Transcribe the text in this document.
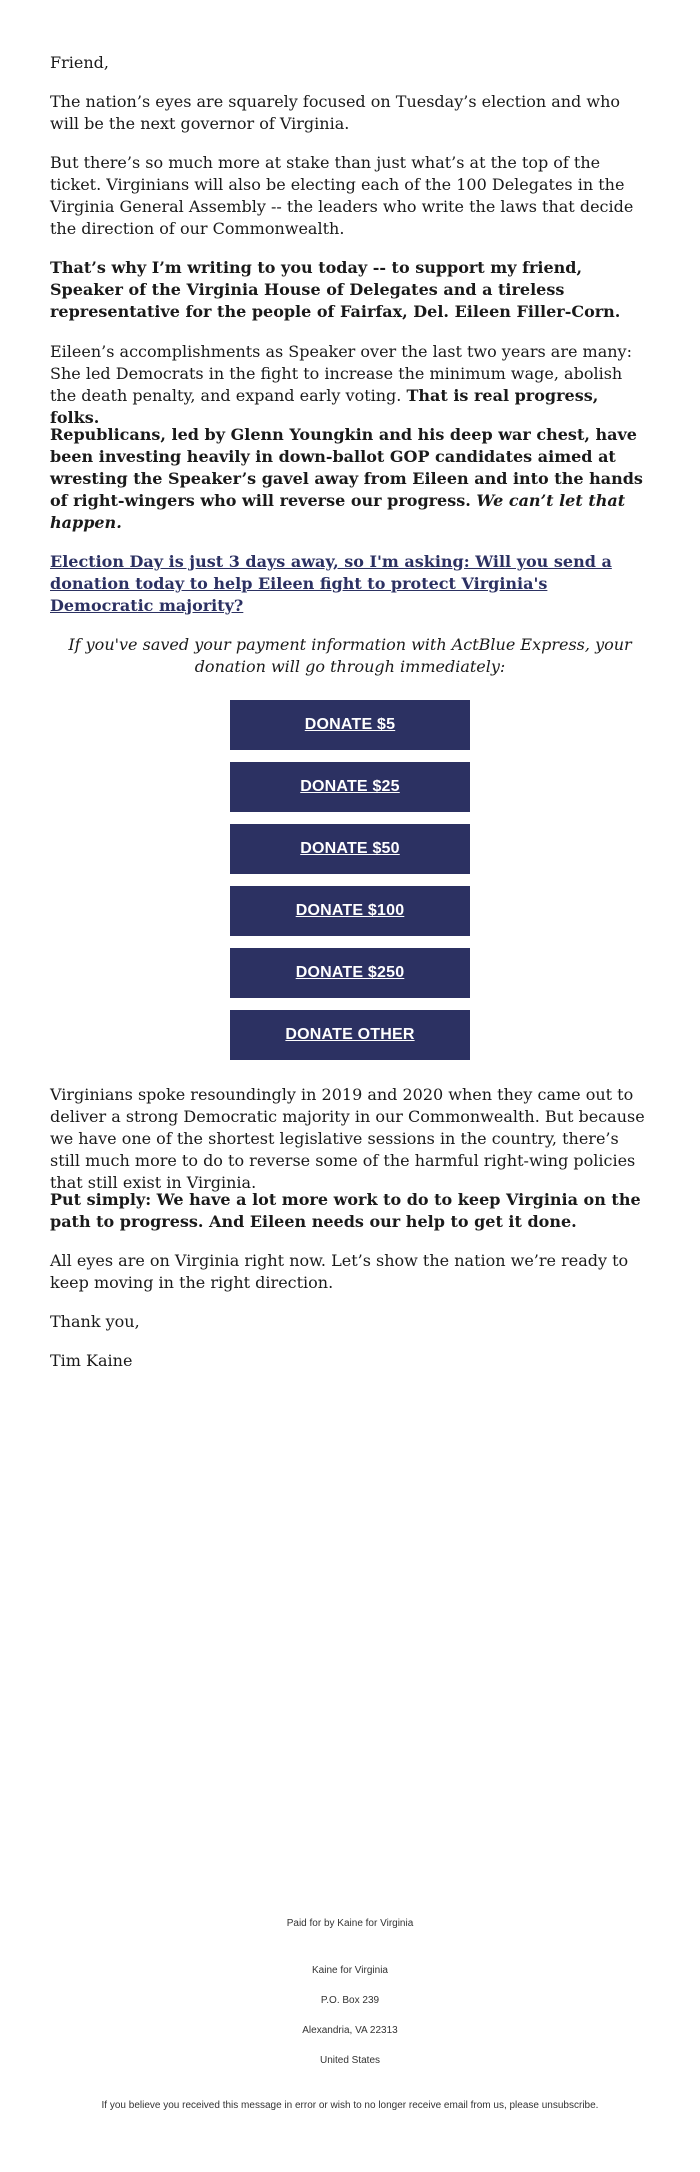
Friend,

The nation’s eyes are squarely focused on Tuesday’s election and who will be the next governor of Virginia.

But there’s so much more at stake than just what’s at the top of the ticket. Virginians will also be electing each of the 100 Delegates in the Virginia General Assembly -- the leaders who write the laws that decide the direction of our Commonwealth.

That’s why I’m writing to you today -- to support my friend, Speaker of the Virginia House of Delegates and a tireless representative for the people of Fairfax, Del. Eileen Filler-Corn.

Eileen’s accomplishments as Speaker over the last two years are many: She led Democrats in the fight to increase the minimum wage, abolish the death penalty, and expand early voting. That is real progress, folks.

Republicans, led by Glenn Youngkin and his deep war chest, have been investing heavily in down-ballot GOP candidates aimed at wresting the Speaker’s gavel away from Eileen and into the hands of right-wingers who will reverse our progress. We can’t let that happen.

Election Day is just 3 days away, so I'm asking: Will you send a donation today to help Eileen fight to protect Virginia's Democratic majority?

If you've saved your payment information with ActBlue Express, your donation will go through immediately:

DONATE $5
DONATE $25
DONATE $50
DONATE $100
DONATE $250
DONATE OTHER

Virginians spoke resoundingly in 2019 and 2020 when they came out to deliver a strong Democratic majority in our Commonwealth. But because we have one of the shortest legislative sessions in the country, there’s still much more to do to reverse some of the harmful right-wing policies that still exist in Virginia.

Put simply: We have a lot more work to do to keep Virginia on the path to progress. And Eileen needs our help to get it done.

All eyes are on Virginia right now. Let’s show the nation we’re ready to keep moving in the right direction.

Thank you,

Tim Kaine

Paid for by Kaine for Virginia
Kaine for Virginia
P.O. Box 239
Alexandria, VA 22313
United States
If you believe you received this message in error or wish to no longer receive email from us, please unsubscribe.
